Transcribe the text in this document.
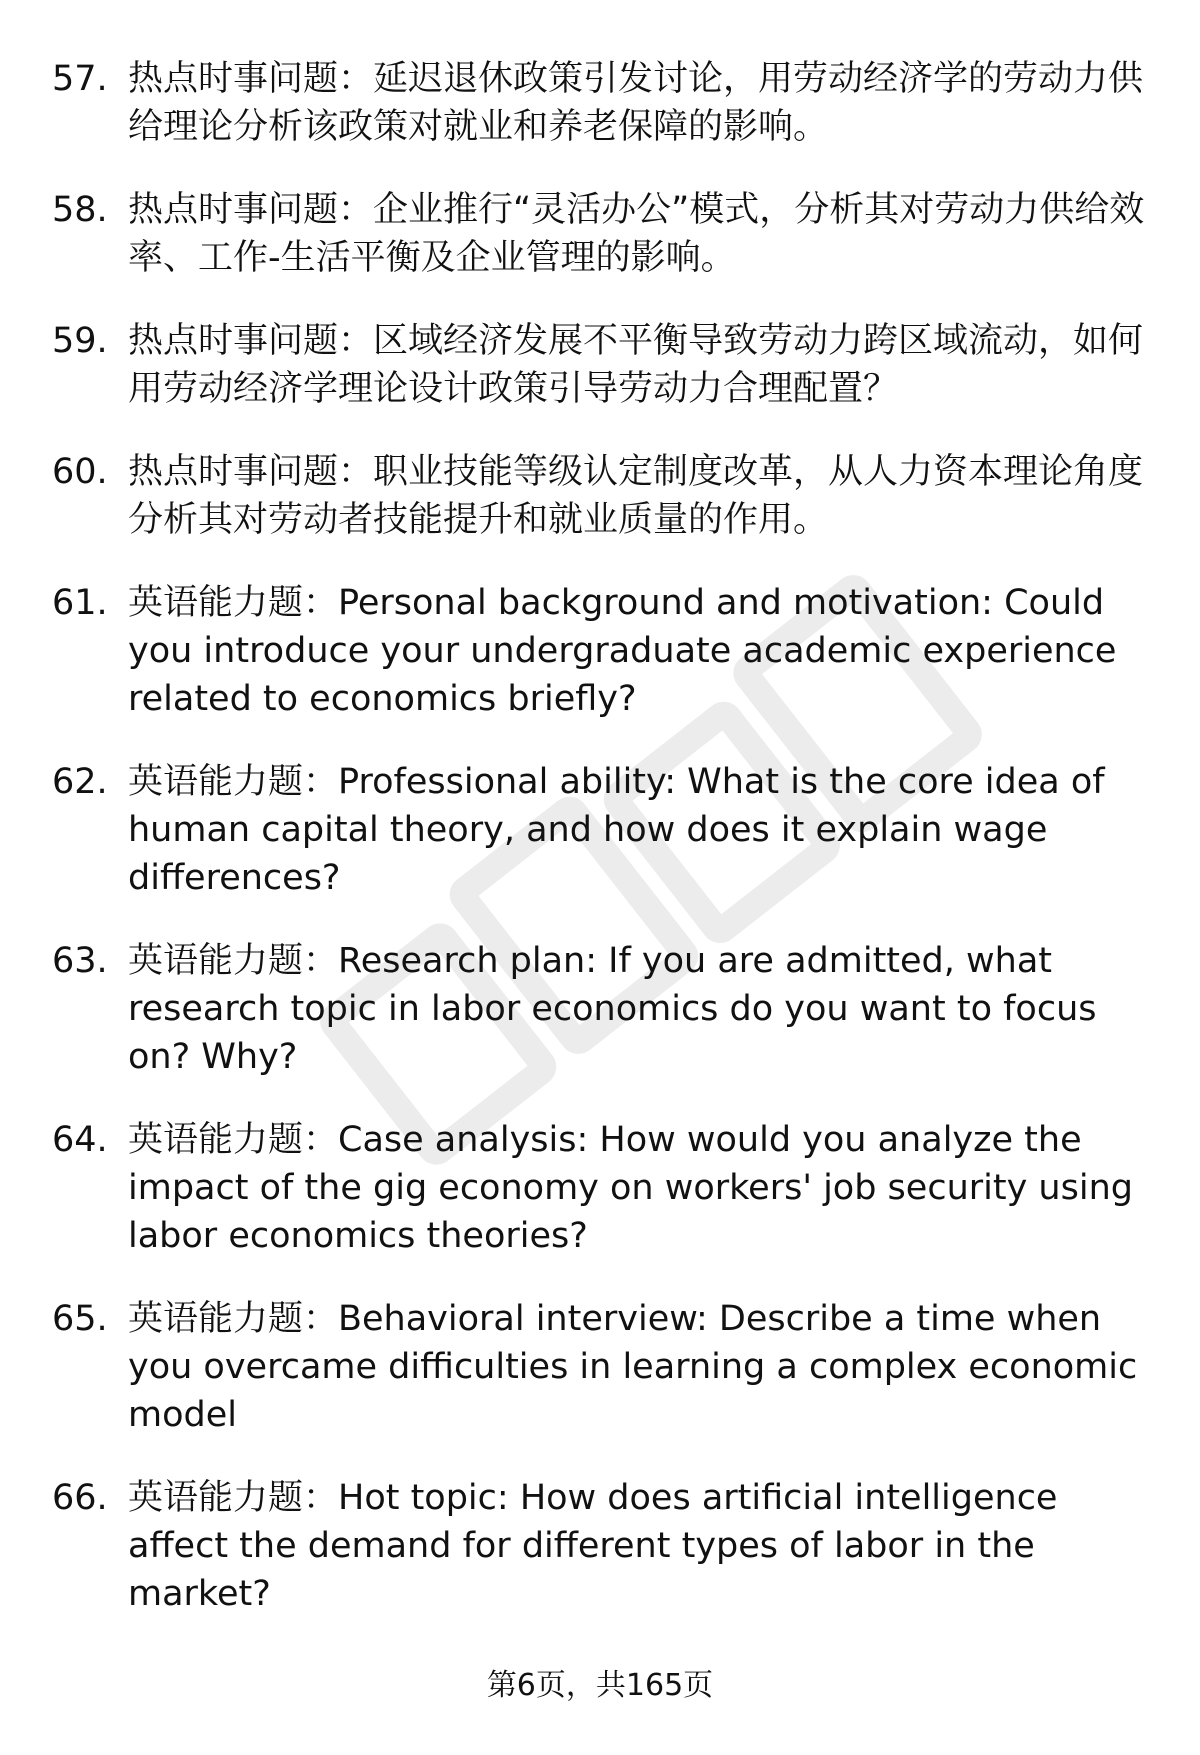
57. 热点时事问题：延迟退休政策引发讨论，用劳动经济学的劳动力供给理论分析该政策对就业和养老保障的影响。
58. 热点时事问题：企业推行“灵活办公”模式，分析其对劳动力供给效率、工作-生活平衡及企业管理的影响。
59. 热点时事问题：区域经济发展不平衡导致劳动力跨区域流动，如何用劳动经济学理论设计政策引导劳动力合理配置？
60. 热点时事问题：职业技能等级认定制度改革，从人力资本理论角度分析其对劳动者技能提升和就业质量的作用。
61. 英语能力题：Personal background and motivation: Could you introduce your undergraduate academic experience related to economics briefly?
62. 英语能力题：Professional ability: What is the core idea of human capital theory, and how does it explain wage differences?
63. 英语能力题：Research plan: If you are admitted, what research topic in labor economics do you want to focus on? Why?
64. 英语能力题：Case analysis: How would you analyze the impact of the gig economy on workers' job security using labor economics theories?
65. 英语能力题：Behavioral interview: Describe a time when you overcame difficulties in learning a complex economic model
66. 英语能力题：Hot topic: How does artificial intelligence affect the demand for different types of labor in the market?
第6页，共165页
